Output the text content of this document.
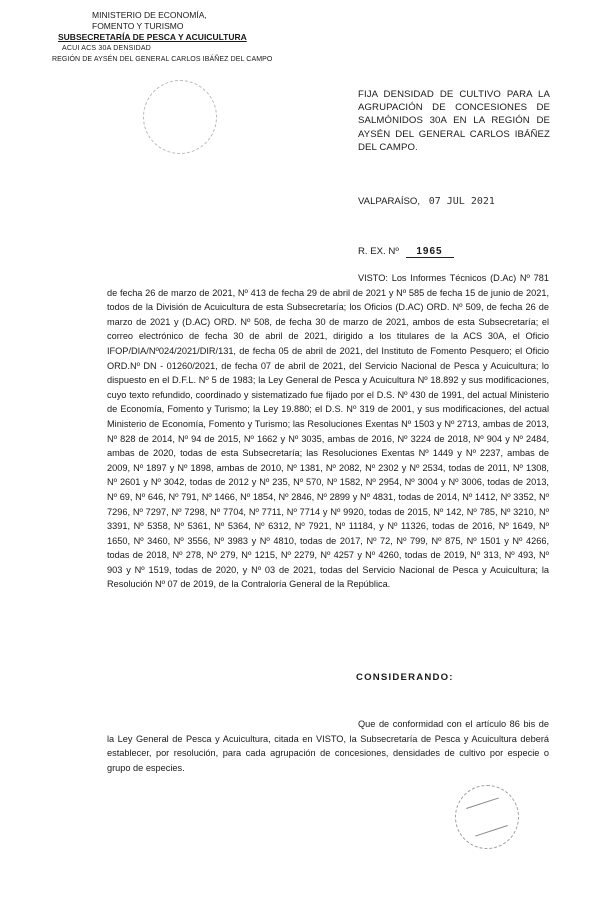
MINISTERIO DE ECONOMÍA,
FOMENTO Y TURISMO
SUBSECRETARÍA DE PESCA Y ACUICULTURA
ACUI ACS 30A DENSIDAD
REGIÓN DE AYSÉN DEL GENERAL CARLOS IBÁÑEZ DEL CAMPO
FIJA DENSIDAD DE CULTIVO PARA LA AGRUPACIÓN DE CONCESIONES DE SALMÓNIDOS 30A EN LA REGIÓN DE AYSÉN DEL GENERAL CARLOS IBÁÑEZ DEL CAMPO.
VALPARAÍSO, 07 JUL 2021
R. EX. Nº 1965
VISTO: Los Informes Técnicos (D.Ac) Nº 781 de fecha 26 de marzo de 2021, Nº 413 de fecha 29 de abril de 2021 y Nº 585 de fecha 15 de junio de 2021, todos de la División de Acuicultura de esta Subsecretaría; los Oficios (D.AC) ORD. Nº 509, de fecha 26 de marzo de 2021 y (D.AC) ORD. Nº 508, de fecha 30 de marzo de 2021, ambos de esta Subsecretaría; el correo electrónico de fecha 30 de abril de 2021, dirigido a los titulares de la ACS 30A, el Oficio IFOP/DIA/Nº024/2021/DIR/131, de fecha 05 de abril de 2021, del Instituto de Fomento Pesquero; el Oficio ORD.Nº DN - 01260/2021, de fecha 07 de abril de 2021, del Servicio Nacional de Pesca y Acuicultura; lo dispuesto en el D.F.L. Nº 5 de 1983; la Ley General de Pesca y Acuicultura Nº 18.892 y sus modificaciones, cuyo texto refundido, coordinado y sistematizado fue fijado por el D.S. Nº 430 de 1991, del actual Ministerio de Economía, Fomento y Turismo; la Ley 19.880; el D.S. Nº 319 de 2001, y sus modificaciones, del actual Ministerio de Economía, Fomento y Turismo; las Resoluciones Exentas Nº 1503 y Nº 2713, ambas de 2013, Nº 828 de 2014, Nº 94 de 2015, Nº 1662 y Nº 3035, ambas de 2016, Nº 3224 de 2018, Nº 904 y Nº 2484, ambas de 2020, todas de esta Subsecretaría; las Resoluciones Exentas Nº 1449 y Nº 2237, ambas de 2009, Nº 1897 y Nº 1898, ambas de 2010, Nº 1381, Nº 2082, Nº 2302 y Nº 2534, todas de 2011, Nº 1308, Nº 2601 y Nº 3042, todas de 2012 y Nº 235, Nº 570, Nº 1582, Nº 2954, Nº 3004 y Nº 3006, todas de 2013, Nº 69, Nº 646, Nº 791, Nº 1466, Nº 1854, Nº 2846, Nº 2899 y Nº 4831, todas de 2014, Nº 1412, Nº 3352, Nº 7296, Nº 7297, Nº 7298, Nº 7704, Nº 7711, Nº 7714 y Nº 9920, todas de 2015, Nº 142, Nº 785, Nº 3210, Nº 3391, Nº 5358, Nº 5361, Nº 5364, Nº 6312, Nº 7921, Nº 11184, y Nº 11326, todas de 2016, Nº 1649, Nº 1650, Nº 3460, Nº 3556, Nº 3983 y Nº 4810, todas de 2017, Nº 72, Nº 799, Nº 875, Nº 1501 y Nº 4266, todas de 2018, Nº 278, Nº 279, Nº 1215, Nº 2279, Nº 4257 y Nº 4260, todas de 2019, Nº 313, Nº 493, Nº 903 y Nº 1519, todas de 2020, y Nº 03 de 2021, todas del Servicio Nacional de Pesca y Acuicultura; la Resolución Nº 07 de 2019, de la Contraloría General de la República.
CONSIDERANDO:
Que de conformidad con el artículo 86 bis de la Ley General de Pesca y Acuicultura, citada en VISTO, la Subsecretaría de Pesca y Acuicultura deberá establecer, por resolución, para cada agrupación de concesiones, densidades de cultivo por especie o grupo de especies.
